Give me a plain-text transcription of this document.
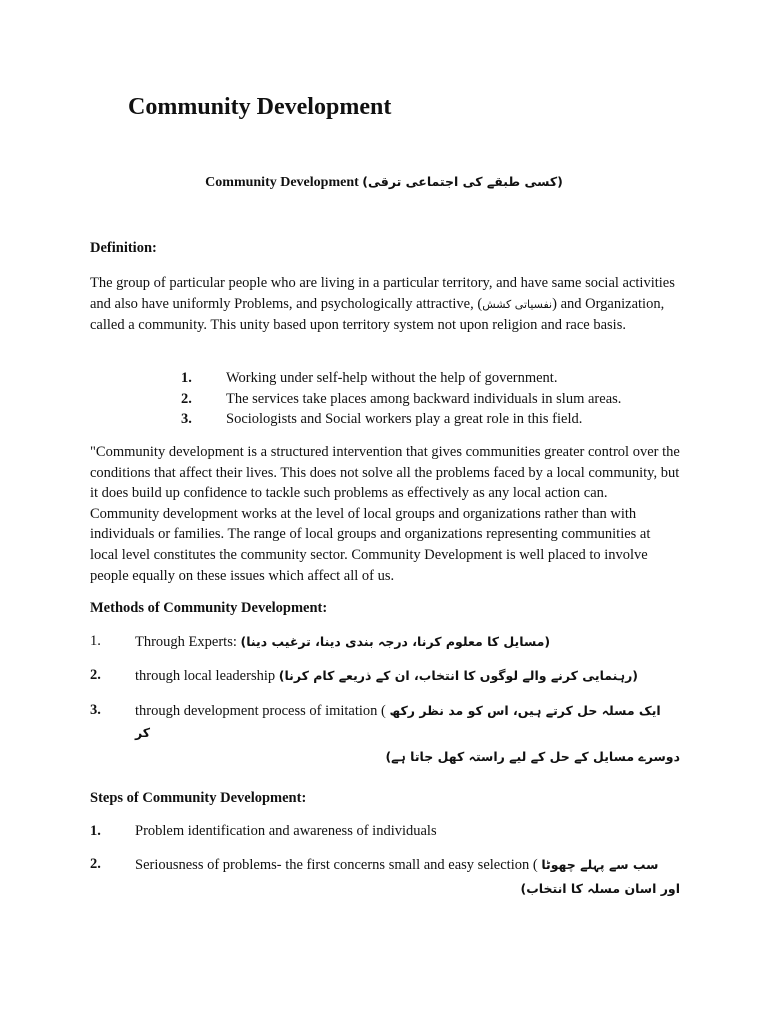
Community Development
Community Development (کسی طبقے کی اجتماعی ترقی)
Definition:

The group of particular people who are living in a particular territory, and have same social activities and also have uniformly Problems, and psychologically attractive, (نفسیاتی کشش) and Organization, called a community. This unity based upon territory system not upon religion and race basis.

1. Working under self-help without the help of government.
2. The services take places among backward individuals in slum areas.
3. Sociologists and Social workers play a great role in this field.

"Community development is a structured intervention that gives communities greater control over the conditions that affect their lives. This does not solve all the problems faced by a local community, but it does build up confidence to tackle such problems as effectively as any local action can. Community development works at the level of local groups and organizations rather than with individuals or families. The range of local groups and organizations representing communities at local level constitutes the community sector. Community Development is well placed to involve people equally on these issues which affect all of us.

Methods of Community Development:
1. Through Experts: (مسایل کا معلوم کرنا، درجہ بندی دینا، ترغیب دینا)
2. through local leadership (رہنمایی کرنے والے لوگوں کا انتخاب، ان کے ذریعے کام کرنا)
3. through development process of imitation ( ایک مسلہ حل کرتے ہیں، اس کو مد نظر رکھ کر
دوسرے مسایل کے حل کے لیے راستہ کھل جاتا ہے)
Steps of Community Development:
1. Problem identification and awareness of individuals
2. Seriousness of problems- the first concerns small and easy selection ( سب سے پہلے چھوٹا
اور اسان مسلہ کا انتخاب)
